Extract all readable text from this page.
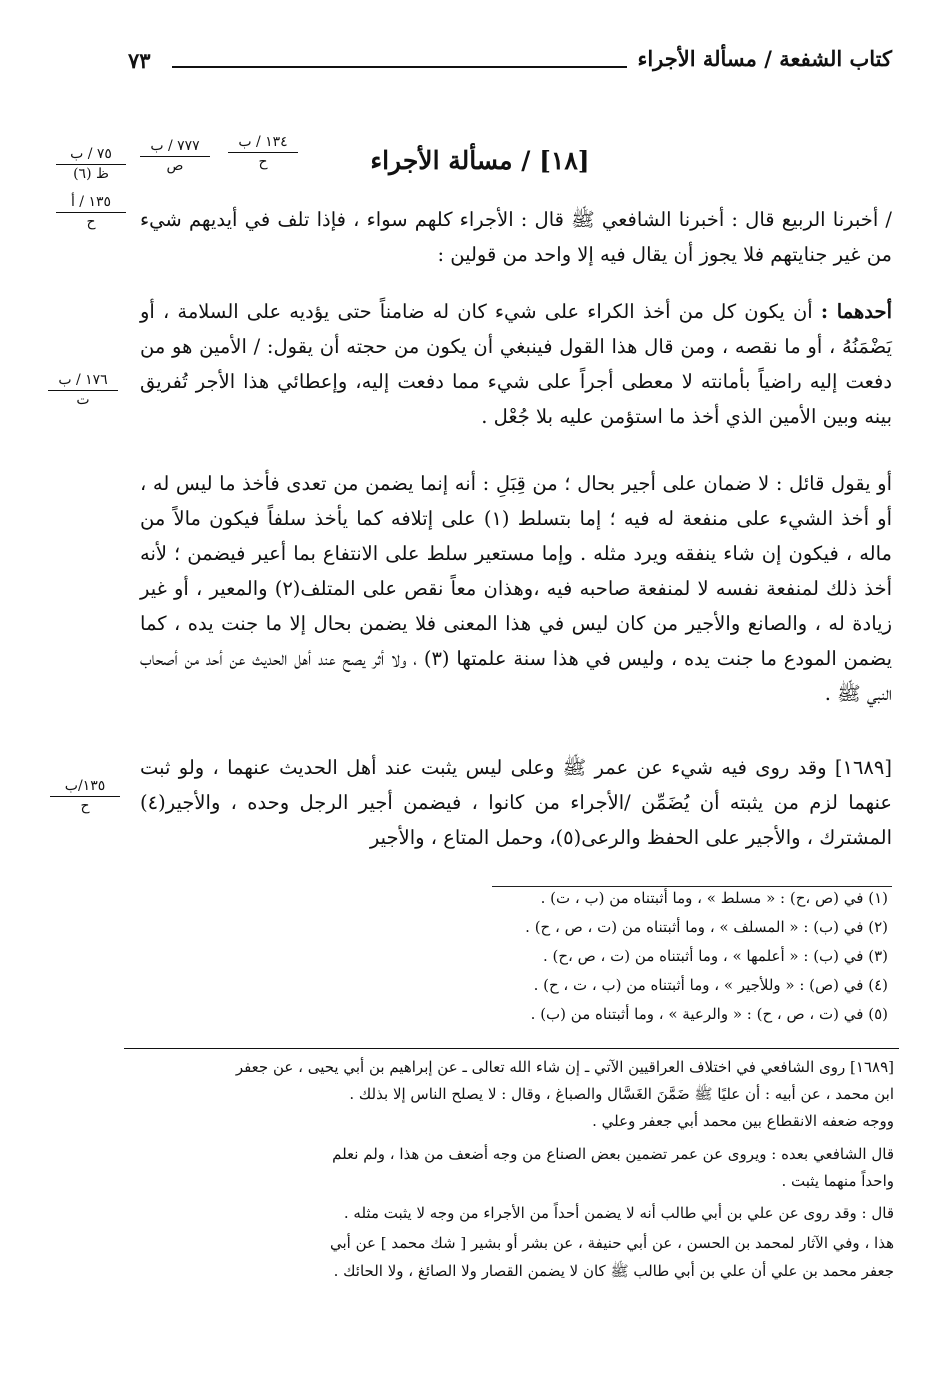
كتاب الشفعة / مسألة الأجراء
٧٣
[١٨] / مسألة الأجراء
١٣٤ / ب
ح
٧٧٧ / ب
ص
٧٥ / ب
ظ (٦)
١٣٥ / أ
ح
١٧٦ / ب
ت
١٣٥/ب
ح

/ أخبرنا الربيع قال : أخبرنا الشافعي ﷺ قال : الأجراء كلهم سواء ، فإذا تلف في أيديهم شيء من غير جنايتهم فلا يجوز أن يقال فيه إلا واحد من قولين :

أحدهما : أن يكون كل من أخذ الكراء على شيء كان له ضامناً حتى يؤديه على السلامة ، أو يَضْمَنُهُ ، أو ما نقصه ، ومن قال هذا القول فينبغي أن يكون من حجته أن يقول: / الأمين هو من دفعت إليه راضياً بأمانته لا معطى أجراً على شيء مما دفعت إليه، وإعطائي هذا الأجر تُفريق بينه وبين الأمين الذي أخذ ما استؤمن عليه بلا جُعْل .

أو يقول قائل : لا ضمان على أجير بحال ؛ من قِبَلِ : أنه إنما يضمن من تعدى فأخذ ما ليس له ، أو أخذ الشيء على منفعة له فيه ؛ إما بتسلط (١) على إتلافه كما يأخذ سلفاً فيكون مالاً من ماله ، فيكون إن شاء ينفقه ويرد مثله . وإما مستعير سلط على الانتفاع بما أعير فيضمن ؛ لأنه أخذ ذلك لمنفعة نفسه لا لمنفعة صاحبه فيه ،وهذان معاً نقص على المتلف(٢) والمعير ، أو غير زيادة له ، والصانع والأجير من كان ليس في هذا المعنى فلا يضمن بحال إلا ما جنت يده ، كما يضمن المودع ما جنت يده ، وليس في هذا سنة علمتها (٣) ، ولا أثر يصح عند أهل الحديث عن أحد من أصحاب النبي ﷺ .

[١٦٨٩] وقد روى فيه شيء عن عمر ﷺ وعلى ليس يثبت عند أهل الحديث عنهما ، ولو ثبت عنهما لزم من يثبته أن يُضَمِّن /الأجراء من كانوا ، فيضمن أجير الرجل وحده ، والأجير(٤) المشترك ، والأجير على الحفظ والرعى(٥)، وحمل المتاع ، والأجير

(١) في (ص ،ح) : « مسلط » ، وما أثبتناه من (ب ، ت) .
(٢) في (ب) : « المسلف » ، وما أثبتناه من (ت ، ص ، ح) .
(٣) في (ب) : « أعلمها » ، وما أثبتناه من (ت ، ص ،ح) .
(٤) في (ص) : « وللأجير » ، وما أثبتناه من (ب ، ت ، ح) .
(٥) في (ت ، ص ، ح) : « والرعية » ، وما أثبتناه من (ب) .
[١٦٨٩] روى الشافعي في اختلاف العراقيين الآتي ـ إن شاء الله تعالى ـ عن إبراهيم بن أبي يحيى ، عن جعفر
ابن محمد ، عن أبيه : أن عليًا ﷺ ضَمَّنَ الغَسَّال والصباغ ، وقال : لا يصلح الناس إلا بذلك .
ووجه ضعفه الانقطاع بين محمد أبي جعفر وعلي .
قال الشافعي بعده : ويروى عن عمر تضمين بعض الصناع من وجه أضعف من هذا ، ولم نعلم
واحداً منهما يثبت .
قال : وقد روى عن علي بن أبي طالب أنه لا يضمن أحداً من الأجراء من وجه لا يثبت مثله .
هذا ، وفي الآثار لمحمد بن الحسن ، عن أبي حنيفة ، عن بشر أو بشير [ شك محمد ] عن أبي
جعفر محمد بن علي أن علي بن أبي طالب ﷺ كان لا يضمن القصار ولا الصائغ ، ولا الحائك .
